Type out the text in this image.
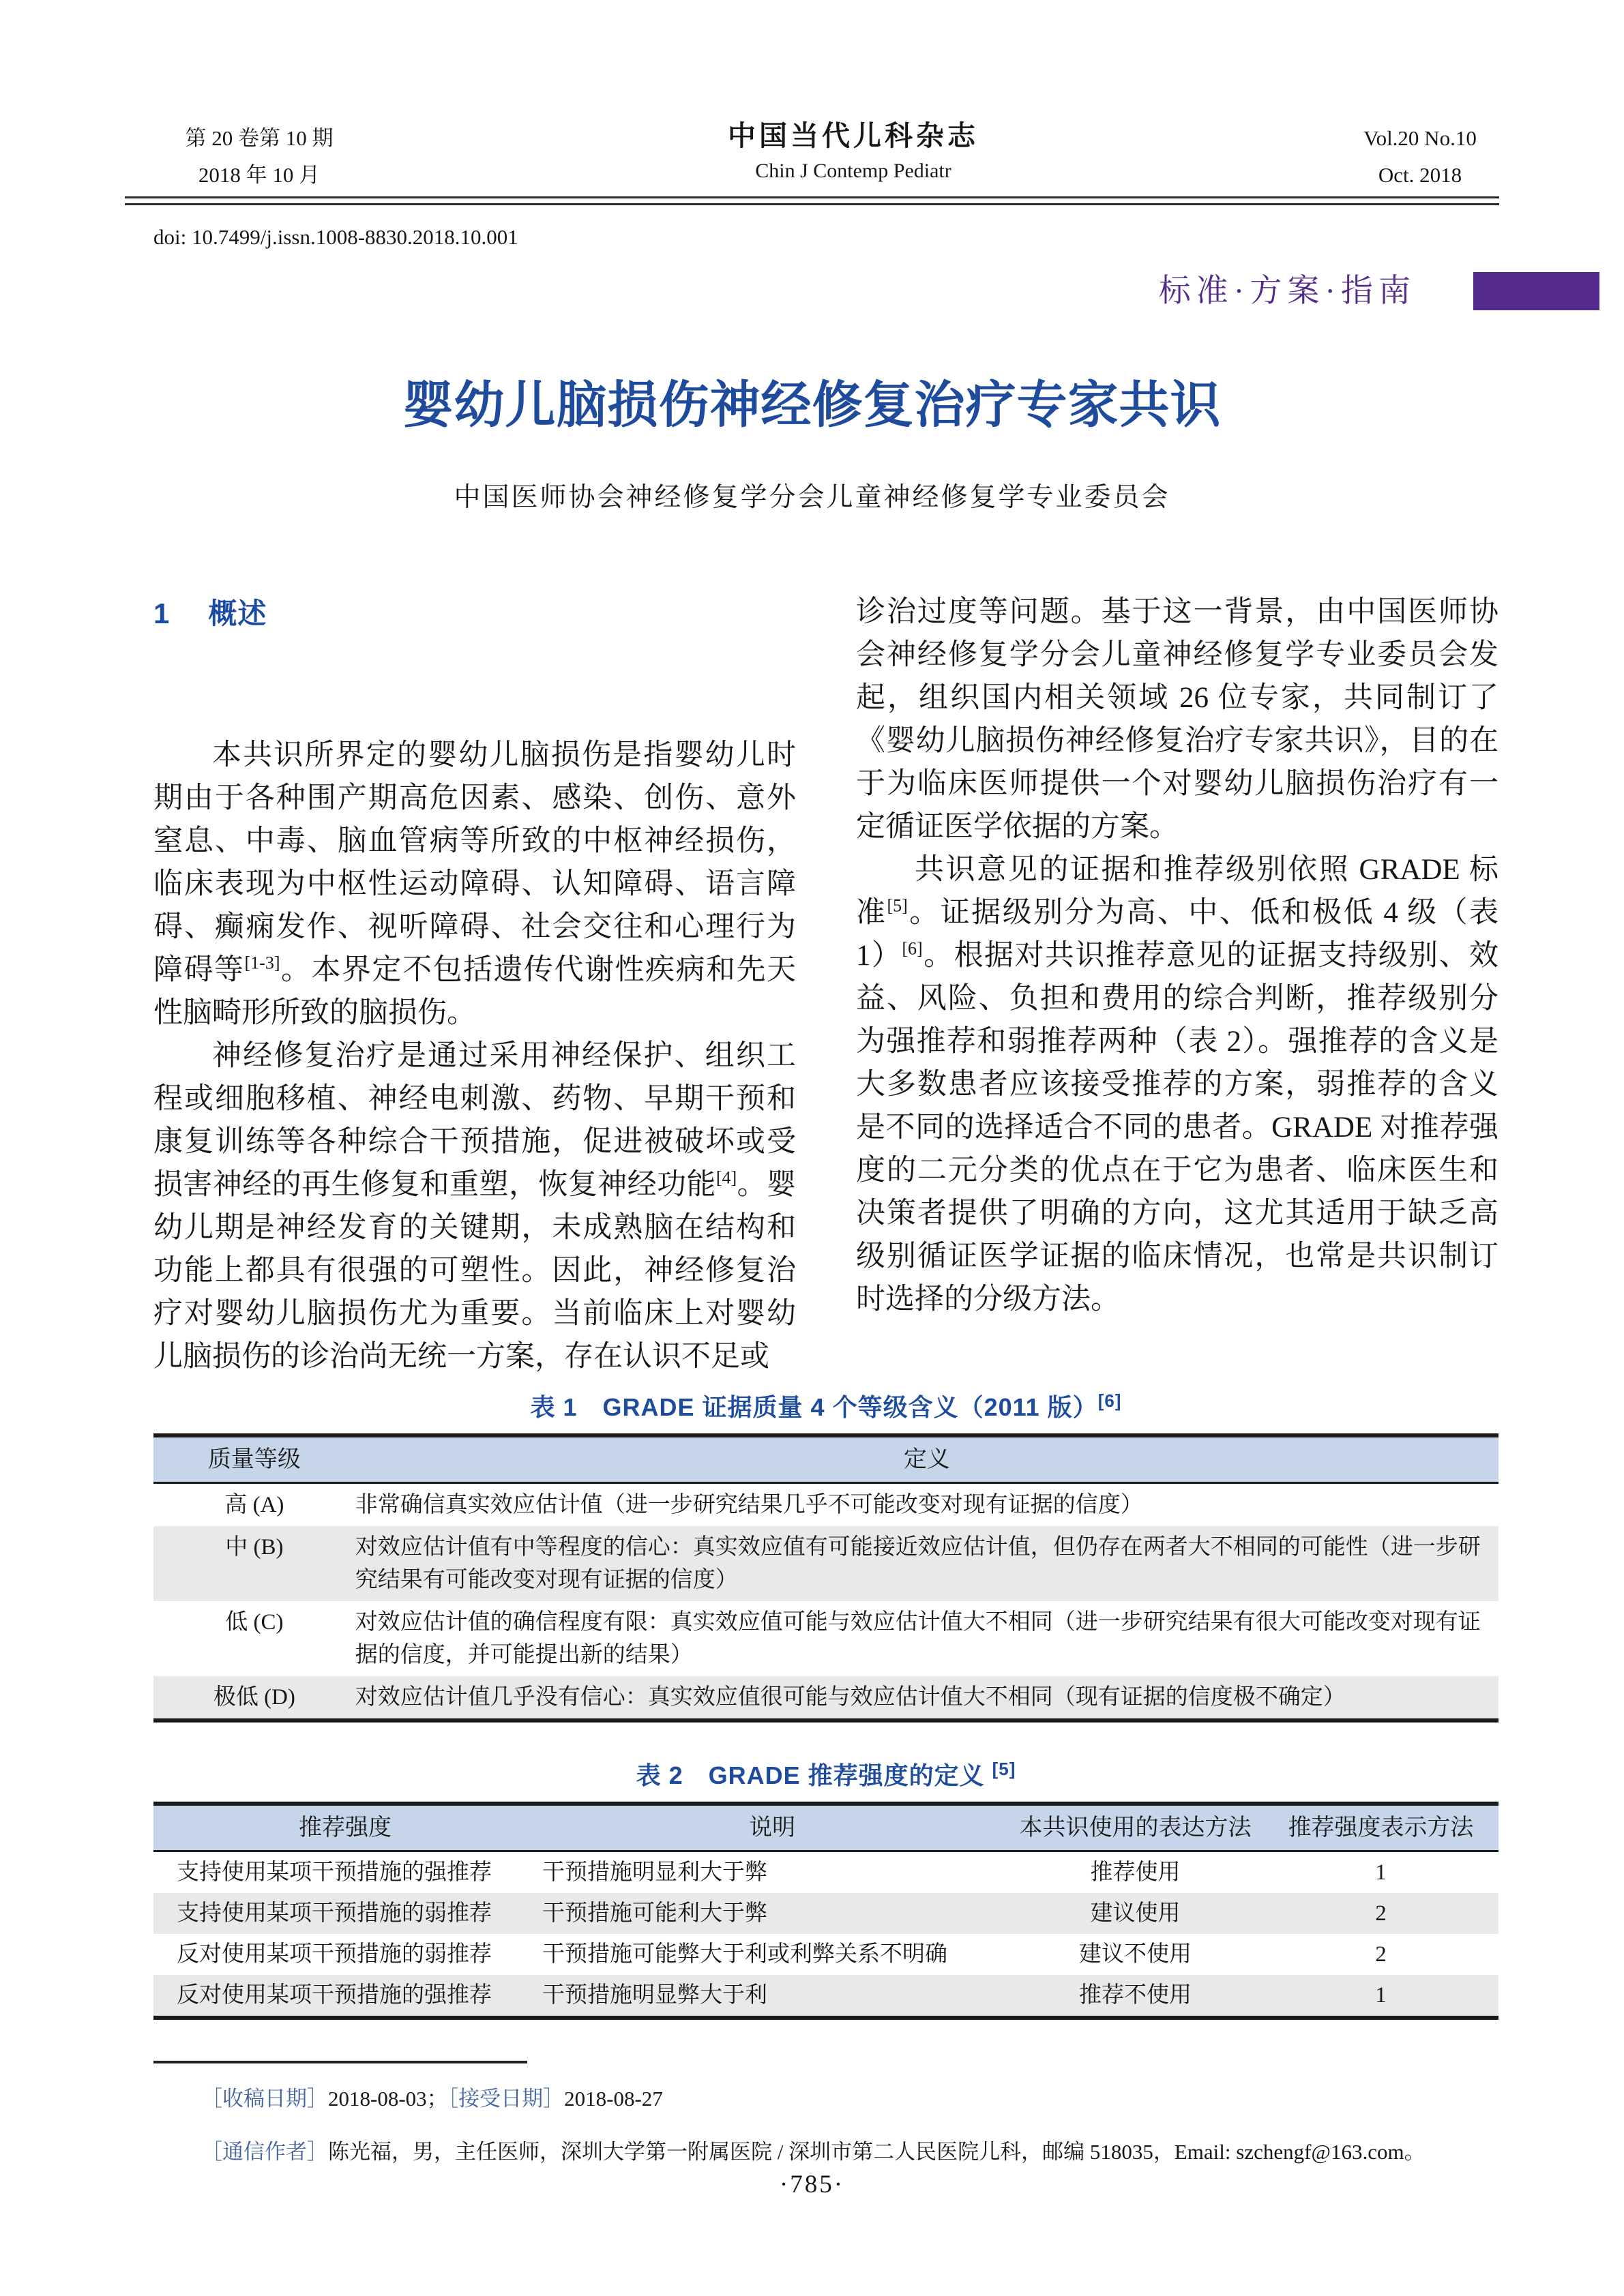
第 20 卷第 10 期
2018 年 10 月
中国当代儿科杂志
Chin J Contemp Pediatr
Vol.20 No.10
Oct. 2018
doi: 10.7499/j.issn.1008-8830.2018.10.001
标准·方案·指南
婴幼儿脑损伤神经修复治疗专家共识
中国医师协会神经修复学分会儿童神经修复学专业委员会
1 概述

本共识所界定的婴幼儿脑损伤是指婴幼儿时期由于各种围产期高危因素、感染、创伤、意外窒息、中毒、脑血管病等所致的中枢神经损伤，临床表现为中枢性运动障碍、认知障碍、语言障碍、癫痫发作、视听障碍、社会交往和心理行为障碍等[1-3]。本界定不包括遗传代谢性疾病和先天性脑畸形所致的脑损伤。

神经修复治疗是通过采用神经保护、组织工程或细胞移植、神经电刺激、药物、早期干预和康复训练等各种综合干预措施，促进被破坏或受损害神经的再生修复和重塑，恢复神经功能[4]。婴幼儿期是神经发育的关键期，未成熟脑在结构和功能上都具有很强的可塑性。因此，神经修复治疗对婴幼儿脑损伤尤为重要。当前临床上对婴幼儿脑损伤的诊治尚无统一方案，存在认识不足或

诊治过度等问题。基于这一背景，由中国医师协会神经修复学分会儿童神经修复学专业委员会发起，组织国内相关领域 26 位专家，共同制订了《婴幼儿脑损伤神经修复治疗专家共识》，目的在于为临床医师提供一个对婴幼儿脑损伤治疗有一定循证医学依据的方案。

共识意见的证据和推荐级别依照 GRADE 标准[5]。证据级别分为高、中、低和极低 4 级（表 1）[6]。根据对共识推荐意见的证据支持级别、效益、风险、负担和费用的综合判断，推荐级别分为强推荐和弱推荐两种（表 2）。强推荐的含义是大多数患者应该接受推荐的方案，弱推荐的含义是不同的选择适合不同的患者。GRADE 对推荐强度的二元分类的优点在于它为患者、临床医生和决策者提供了明确的方向，这尤其适用于缺乏高级别循证医学证据的临床情况，也常是共识制订时选择的分级方法。

表 1　GRADE 证据质量 4 个等级含义（2011 版）[6]
质量等级	定义
高 (A)	非常确信真实效应估计值（进一步研究结果几乎不可能改变对现有证据的信度）
中 (B)	对效应估计值有中等程度的信心：真实效应值有可能接近效应估计值，但仍存在两者大不相同的可能性（进一步研究结果有可能改变对现有证据的信度）
低 (C)	对效应估计值的确信程度有限：真实效应值可能与效应估计值大不相同（进一步研究结果有很大可能改变对现有证据的信度，并可能提出新的结果）
极低 (D)	对效应估计值几乎没有信心：真实效应值很可能与效应估计值大不相同（现有证据的信度极不确定）
表 2　GRADE 推荐强度的定义 [5]
推荐强度	说明	本共识使用的表达方法	推荐强度表示方法
支持使用某项干预措施的强推荐	干预措施明显利大于弊	推荐使用	1
支持使用某项干预措施的弱推荐	干预措施可能利大于弊	建议使用	2
反对使用某项干预措施的弱推荐	干预措施可能弊大于利或利弊关系不明确	建议不使用	2
反对使用某项干预措施的强推荐	干预措施明显弊大于利	推荐不使用	1
［收稿日期］2018-08-03；［接受日期］2018-08-27
［通信作者］陈光福，男，主任医师，深圳大学第一附属医院 / 深圳市第二人民医院儿科，邮编 518035，Email: szchengf@163.com。
·785·
